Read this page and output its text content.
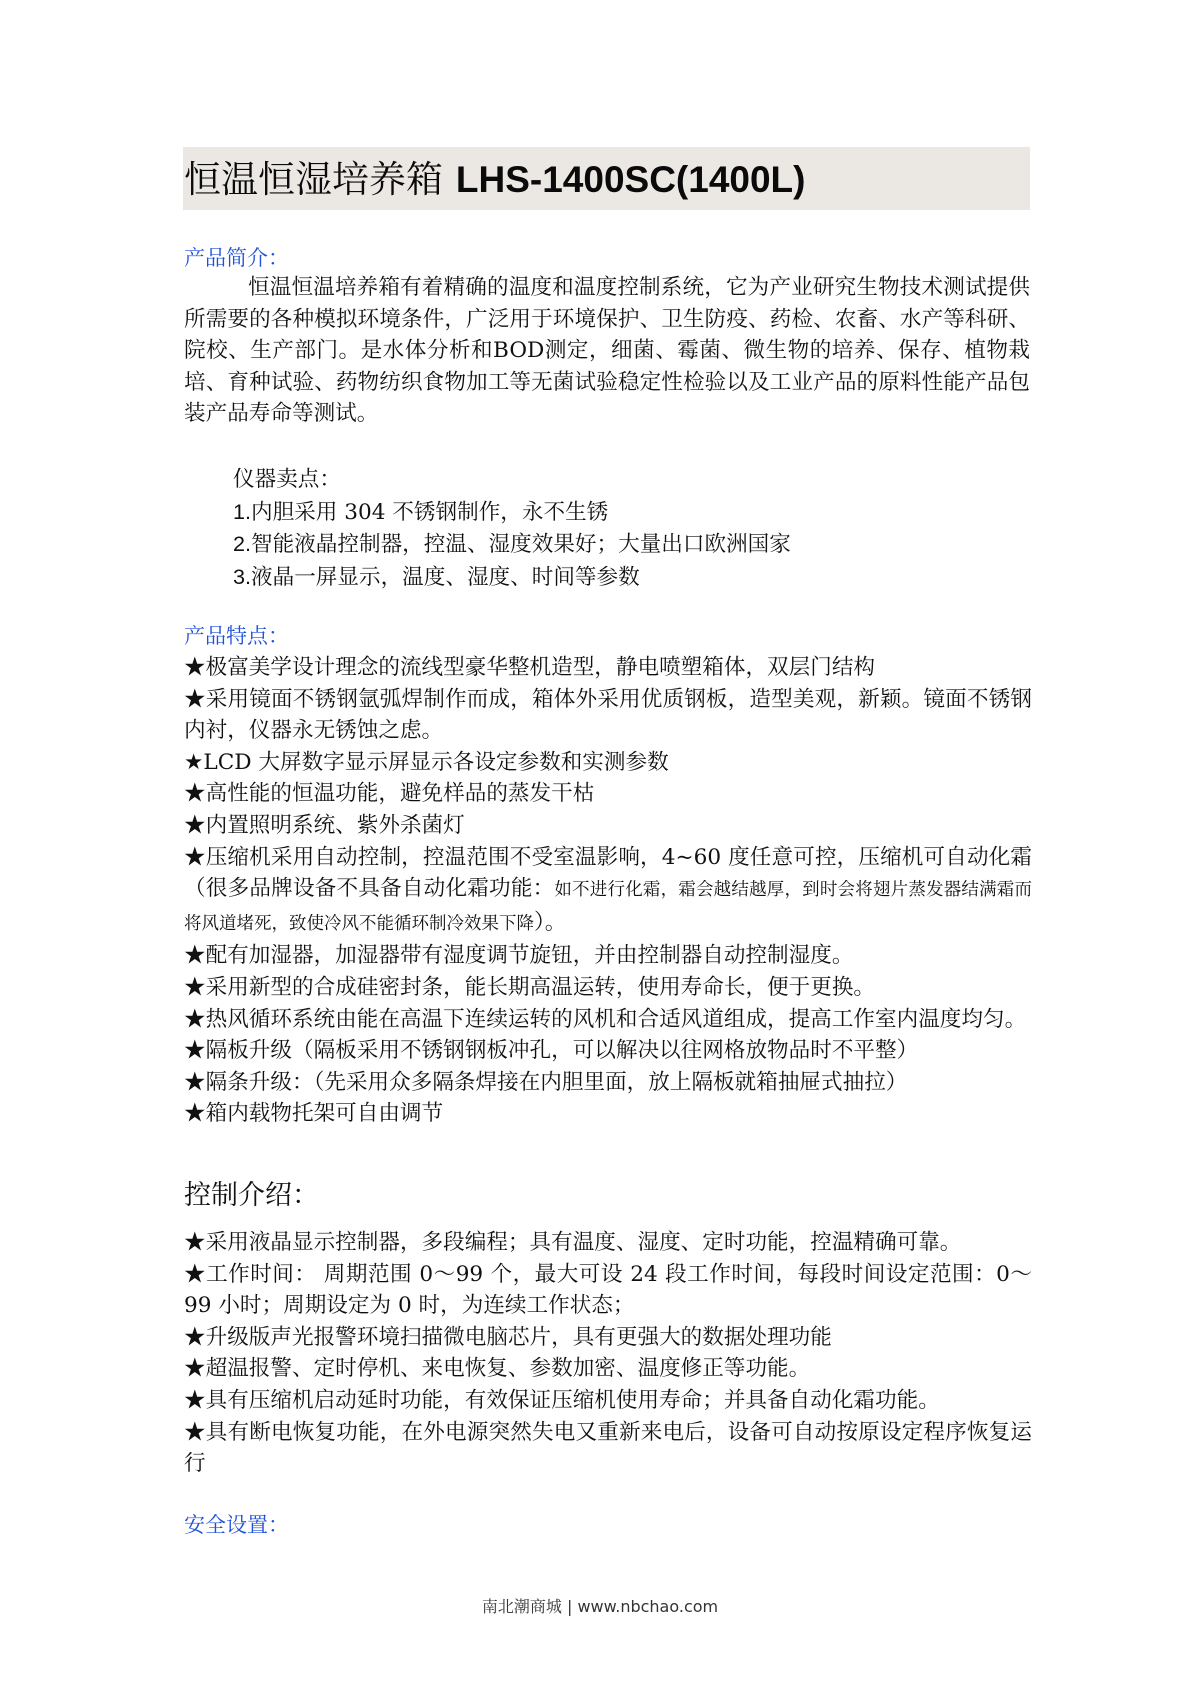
恒温恒湿培养箱 LHS-1400SC(1400L)

产品简介：

恒温恒温培养箱有着精确的温度和温度控制系统，它为产业研究生物技术测试提供所需要的各种模拟环境条件，广泛用于环境保护、卫生防疫、药检、农畜、水产等科研、院校、生产部门。是水体分析和BOD测定，细菌、霉菌、微生物的培养、保存、植物栽　培、育种试验、药物纺织食物加工等无菌试验稳定性检验以及工业产品的原料性能产品包装产品寿命等测试。

仪器卖点：
1.内胆采用 304 不锈钢制作，永不生锈
2.智能液晶控制器，控温、湿度效果好；大量出口欧洲国家
3.液晶一屏显示，温度、湿度、时间等参数

产品特点：

★极富美学设计理念的流线型豪华整机造型，静电喷塑箱体，双层门结构
★采用镜面不锈钢氩弧焊制作而成，箱体外采用优质钢板，造型美观，新颖。镜面不锈钢内衬，仪器永无锈蚀之虑。
★LCD 大屏数字显示屏显示各设定参数和实测参数
★高性能的恒温功能，避免样品的蒸发干枯
★内置照明系统、紫外杀菌灯
★压缩机采用自动控制，控温范围不受室温影响，4~60 度任意可控，压缩机可自动化霜（很多品牌设备不具备自动化霜功能：如不进行化霜，霜会越结越厚，到时会将翅片蒸发器结满霜而将风道堵死，致使冷风不能循环制冷效果下降）。
★配有加湿器，加湿器带有湿度调节旋钮，并由控制器自动控制湿度。
★采用新型的合成硅密封条，能长期高温运转，使用寿命长，便于更换。
★热风循环系统由能在高温下连续运转的风机和合适风道组成，提高工作室内温度均匀。
★隔板升级（隔板采用不锈钢钢板冲孔，可以解决以往网格放物品时不平整）
★隔条升级：（先采用众多隔条焊接在内胆里面，放上隔板就箱抽屉式抽拉）
★箱内载物托架可自由调节
控制介绍：
★采用液晶显示控制器，多段编程；具有温度、湿度、定时功能，控温精确可靠。
★工作时间： 周期范围 0～99 个，最大可设 24 段工作时间，每段时间设定范围：0～99 小时；周期设定为 0 时，为连续工作状态；
★升级版声光报警环境扫描微电脑芯片，具有更强大的数据处理功能
★超温报警、定时停机、来电恢复、参数加密、温度修正等功能。
★具有压缩机启动延时功能，有效保证压缩机使用寿命；并具备自动化霜功能。
★具有断电恢复功能，在外电源突然失电又重新来电后，设备可自动按原设定程序恢复运行

安全设置：

南北潮商城 | www.nbchao.com
